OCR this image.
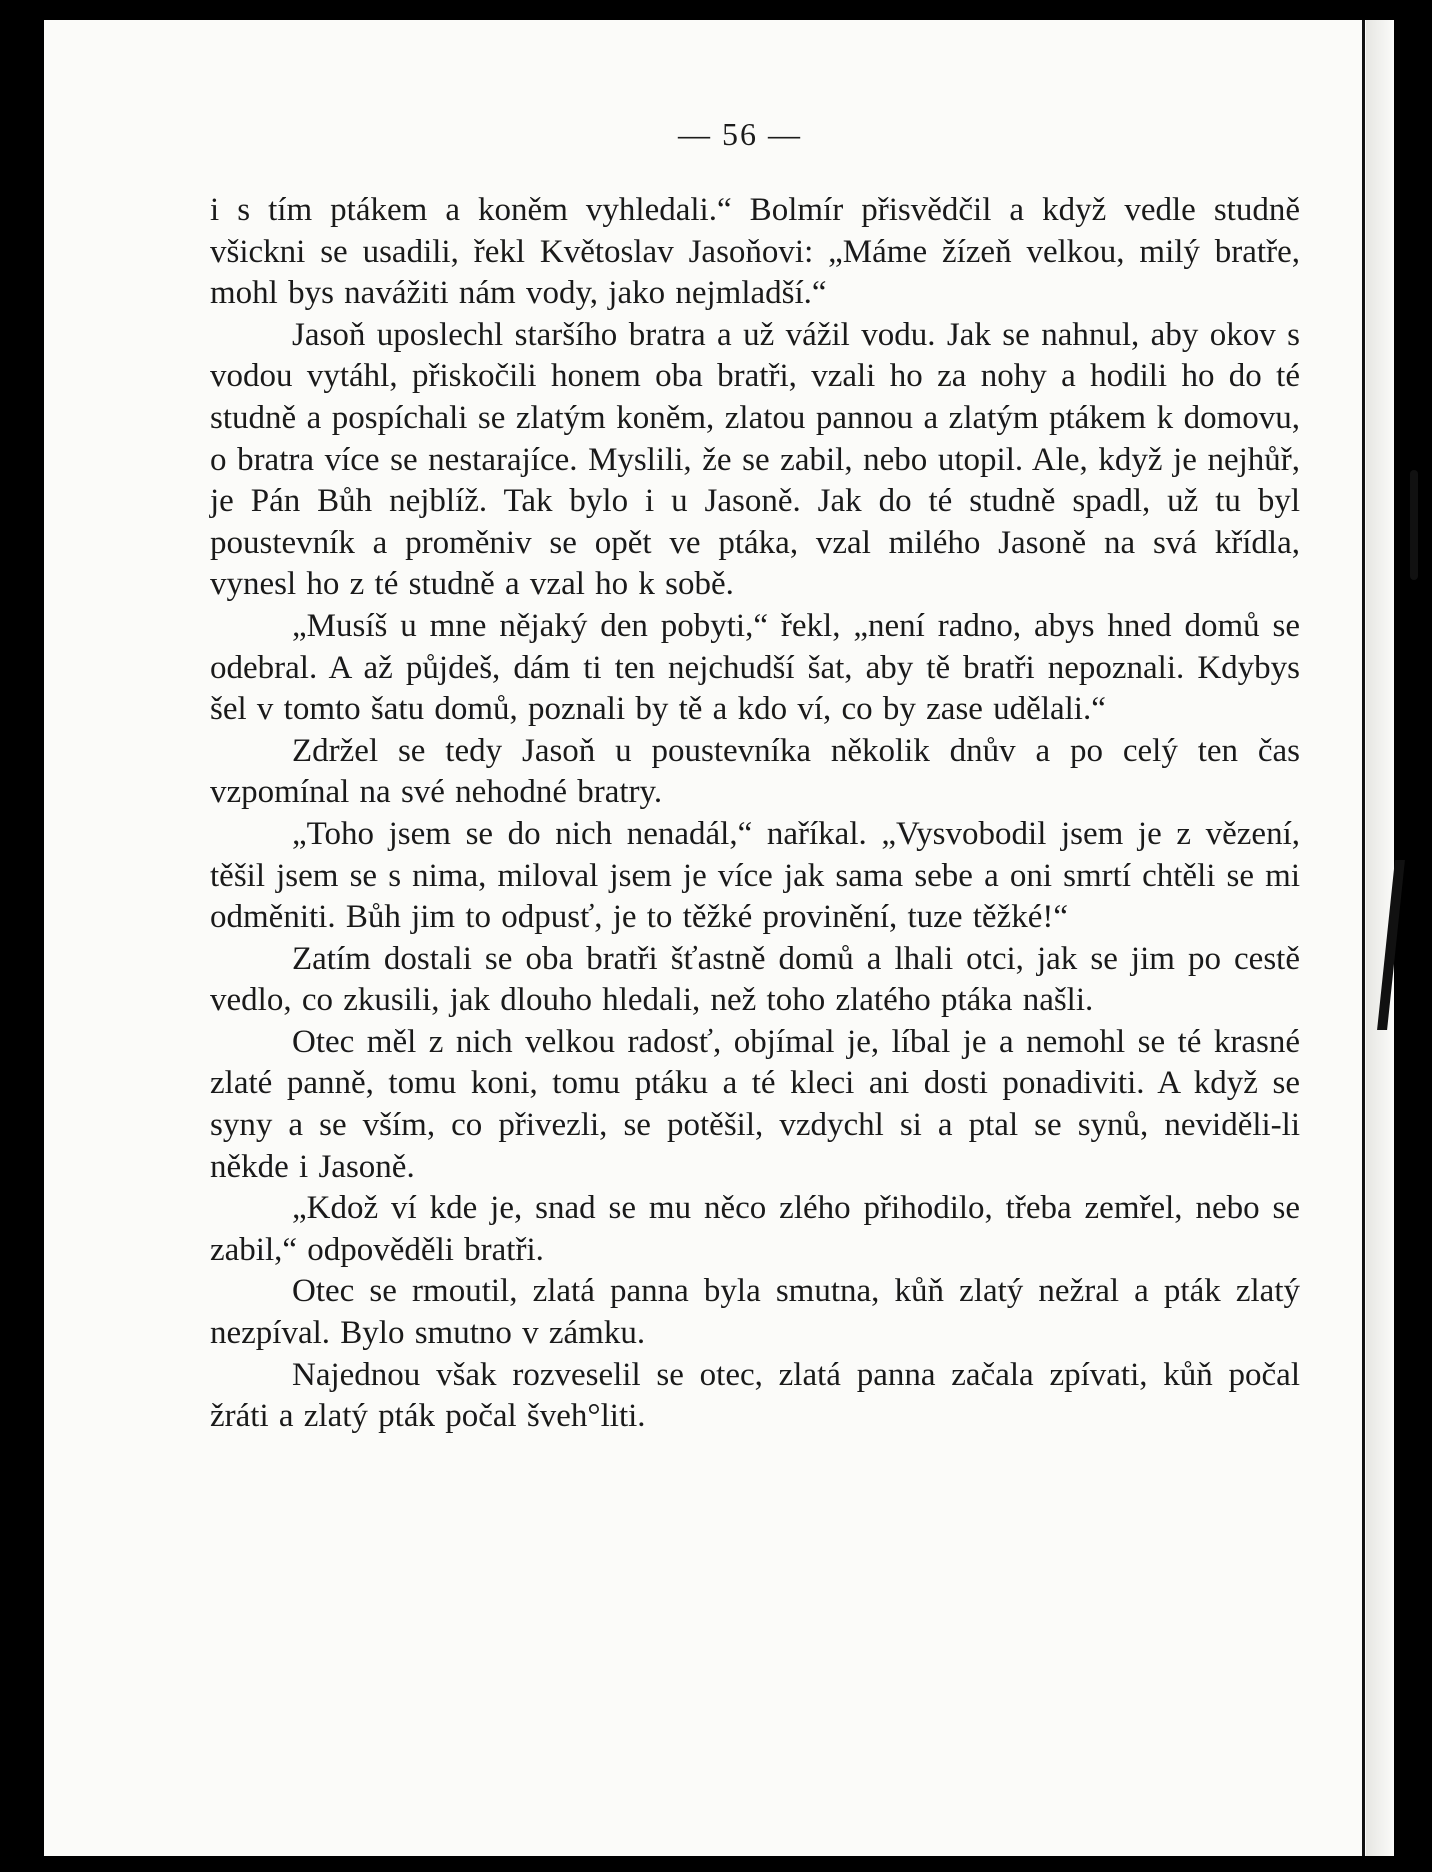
— 56 —

i s tím ptákem a koněm vyhledali.“ Bolmír přisvědčil a když vedle studně všickni se usadili, řekl Květoslav Jasoňovi: „Máme žízeň velkou, milý bratře, mohl bys navážiti nám vody, jako nejmladší.“

Jasoň uposlechl staršího bratra a už vážil vodu. Jak se nahnul, aby okov s vodou vytáhl, přiskočili honem oba bratři, vzali ho za nohy a hodili ho do té studně a pospíchali se zlatým koněm, zlatou pannou a zlatým ptákem k domovu, o bratra více se nestarajíce. Myslili, že se zabil, nebo utopil. Ale, když je nejhůř, je Pán Bůh nejblíž. Tak bylo i u Jasoně. Jak do té studně spadl, už tu byl poustevník a proměniv se opět ve ptáka, vzal milého Jasoně na svá křídla, vynesl ho z té studně a vzal ho k sobě.

„Musíš u mne nějaký den pobyti,“ řekl, „není radno, abys hned domů se odebral. A až půjdeš, dám ti ten nejchudší šat, aby tě bratři nepoznali. Kdybys šel v tomto šatu domů, poznali by tě a kdo ví, co by zase udělali.“

Zdržel se tedy Jasoň u poustevníka několik dnův a po celý ten čas vzpomínal na své nehodné bratry.

„Toho jsem se do nich nenadál,“ naříkal. „Vysvobodil jsem je z vězení, těšil jsem se s nima, miloval jsem je více jak sama sebe a oni smrtí chtěli se mi odměniti. Bůh jim to odpusť, je to těžké provinění, tuze těžké!“

Zatím dostali se oba bratři šťastně domů a lhali otci, jak se jim po cestě vedlo, co zkusili, jak dlouho hledali, než toho zlatého ptáka našli.

Otec měl z nich velkou radosť, objímal je, líbal je a nemohl se té krasné zlaté panně, tomu koni, tomu ptáku a té kleci ani dosti ponadiviti. A když se syny a se vším, co přivezli, se potěšil, vzdychl si a ptal se synů, neviděli-li někde i Jasoně.

„Kdož ví kde je, snad se mu něco zlého přihodilo, třeba zemřel, nebo se zabil,“ odpověděli bratři.

Otec se rmoutil, zlatá panna byla smutna, kůň zlatý nežral a pták zlatý nezpíval. Bylo smutno v zámku.

Najednou však rozveselil se otec, zlatá panna začala zpívati, kůň počal žráti a zlatý pták počal šveh°liti.
